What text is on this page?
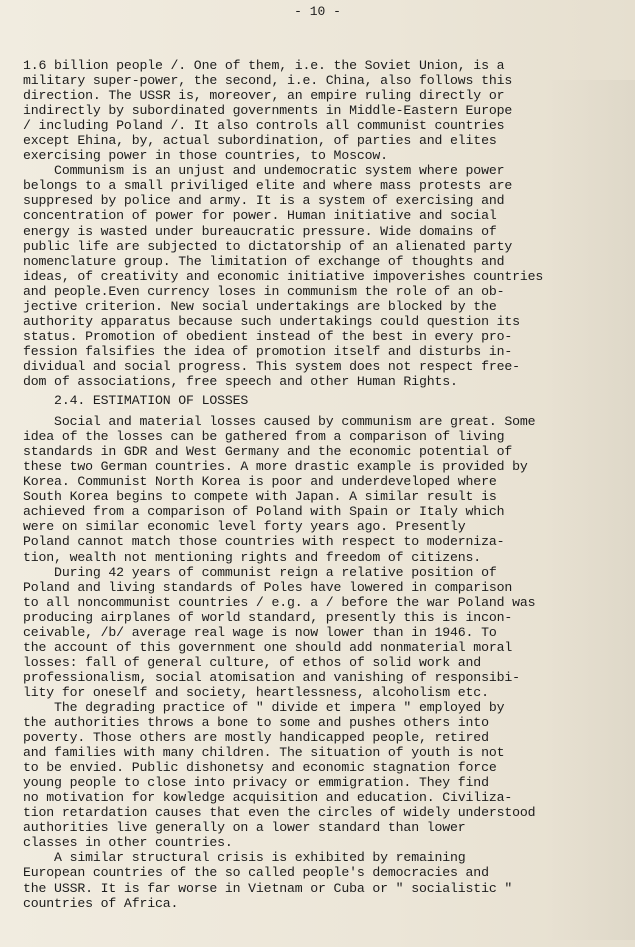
- 10 -
1.6 billion people /. One of them, i.e. the Soviet Union, is a
military super-power, the second, i.e. China, also follows this
direction. The USSR is, moreover, an empire ruling directly or
indirectly by subordinated governments in Middle-Eastern Europe
/ including Poland /. It also controls all communist countries
except Ehina, by, actual subordination, of parties and elites
exercising power in those countries, to Moscow.
Communism is an unjust and undemocratic system where power
belongs to a small priviliged elite and where mass protests are
suppresed by police and army. It is a system of exercising and
concentration of power for power. Human initiative and social
energy is wasted under bureaucratic pressure. Wide domains of
public life are subjected to dictatorship of an alienated party
nomenclature group. The limitation of exchange of thoughts and
ideas, of creativity and economic initiative impoverishes countries
and people.Even currency loses in communism the role of an ob-
jective criterion. New social undertakings are blocked by the
authority apparatus because such undertakings could question its
status. Promotion of obedient instead of the best in every pro-
fession falsifies the idea of promotion itself and disturbs in-
dividual and social progress. This system does not respect free-
dom of associations, free speech and other Human Rights.
2.4. ESTIMATION OF LOSSES
Social and material losses caused by communism are great. Some
idea of the losses can be gathered from a comparison of living
standards in GDR and West Germany and the economic potential of
these two German countries. A more drastic example is provided by
Korea. Communist North Korea is poor and underdeveloped where
South Korea begins to compete with Japan. A similar result is
achieved from a comparison of Poland with Spain or Italy which
were on similar economic level forty years ago. Presently
Poland cannot match those countries with respect to moderniza-
tion, wealth not mentioning rights and freedom of citizens.
During 42 years of communist reign a relative position of
Poland and living standards of Poles have lowered in comparison
to all noncommunist countries / e.g. a / before the war Poland was
producing airplanes of world standard, presently this is incon-
ceivable, /b/ average real wage is now lower than in 1946. To
the account of this government one should add nonmaterial moral
losses: fall of general culture, of ethos of solid work and
professionalism, social atomisation and vanishing of responsibi-
lity for oneself and society, heartlessness, alcoholism etc.
The degrading practice of " divide et impera " employed by
the authorities throws a bone to some and pushes others into
poverty. Those others are mostly handicapped people, retired
and families with many children. The situation of youth is not
to be envied. Public dishonetsy and economic stagnation force
young people to close into privacy or emmigration. They find
no motivation for kowledge acquisition and education. Civiliza-
tion retardation causes that even the circles of widely understood
authorities live generally on a lower standard than lower
classes in other countries.
A similar structural crisis is exhibited by remaining
European countries of the so called people's democracies and
the USSR. It is far worse in Vietnam or Cuba or " socialistic "
countries of Africa.
